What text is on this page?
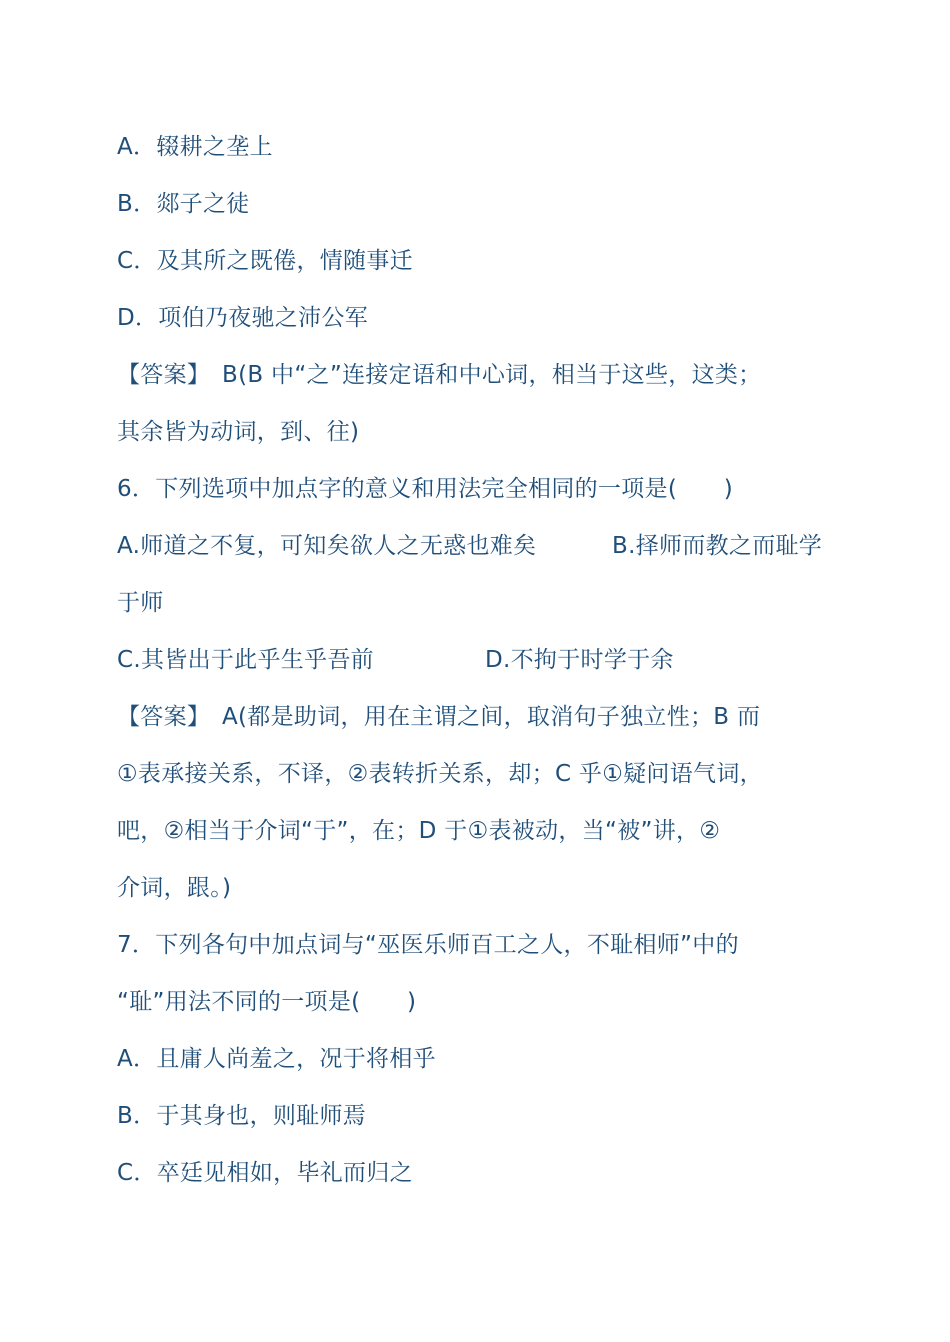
A．辍耕之垄上
B．郯子之徒
C．及其所之既倦，情随事迁
D．项伯乃夜驰之沛公军
【答案】　B(B 中“之”连接定语和中心词，相当于这些，这类；
其余皆为动词，到、往)
6．下列选项中加点字的意义和用法完全相同的一项是(　　)
A.师道之不复，可知矣欲人之无惑也难矣	B.择师而教之而耻学
于师
C.其皆出于此乎生乎吾前	D.不拘于时学于余
【答案】　A(都是助词，用在主谓之间，取消句子独立性；B 而
①表承接关系，不译，②表转折关系，却；C 乎①疑问语气词，
吧，②相当于介词“于”，在；D 于①表被动，当“被”讲，②
介词，跟。)
7．下列各句中加点词与“巫医乐师百工之人，不耻相师”中的
“耻”用法不同的一项是(　　)
A．且庸人尚羞之，况于将相乎
B．于其身也，则耻师焉
C．卒廷见相如，毕礼而归之
